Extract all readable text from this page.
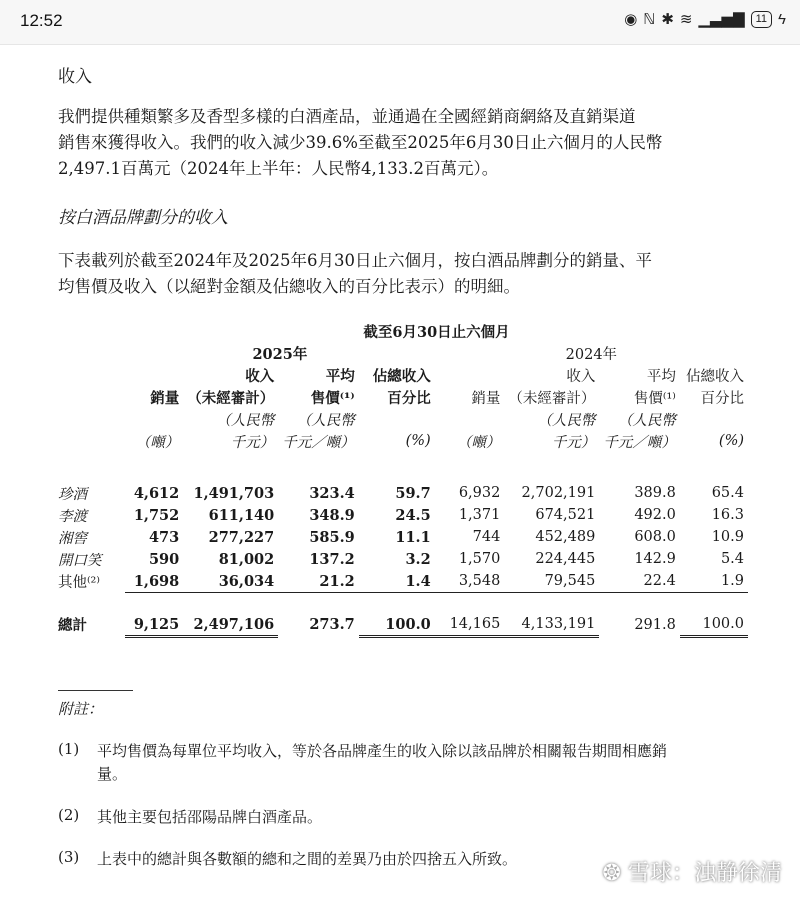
12:52	◉ ℕ ✱ ≋ ▁▃▅▇	11 ϟ
收入
我們提供種類繁多及香型多樣的白酒產品，並通過在全國經銷商網絡及直銷渠道
銷售來獲得收入。我們的收入減少39.6%至截至2025年6月30日止六個月的人民幣
2,497.1百萬元（2024年上半年：人民幣4,133.2百萬元）。
按白酒品牌劃分的收入
下表載列於截至2024年及2025年6月30日止六個月，按白酒品牌劃分的銷量、平
均售價及收入（以絕對金額及佔總收入的百分比表示）的明細。
	截至6月30日止六個月							
	2025年				2024年			
		收入	平均	佔總收入		收入	平均	佔總收入
	銷量	（未經審計）	售價⁽¹⁾	百分比	銷量	（未經審計）	售價⁽¹⁾	百分比
		（人民幣	（人民幣			（人民幣	（人民幣	
	（噸）	千元）	千元／噸）	(%)	（噸）	千元）	千元／噸）	(%)

珍酒	4,612	1,491,703	323.4	59.7	6,932	2,702,191	389.8	65.4
李渡	1,752	611,140	348.9	24.5	1,371	674,521	492.0	16.3
湘窖	473	277,227	585.9	11.1	744	452,489	608.0	10.9
開口笑	590	81,002	137.2	3.2	1,570	224,445	142.9	5.4
其他⁽²⁾	1,698	36,034	21.2	1.4	3,548	79,545	22.4	1.9

總計	9,125	2,497,106	273.7	100.0	14,165	4,133,191	291.8	100.0
附註：
(1) 平均售價為每單位平均收入，等於各品牌產生的收入除以該品牌於相關報告期間相應銷
量。
(2) 其他主要包括邵陽品牌白酒產品。
(3) 上表中的總計與各數額的總和之間的差異乃由於四捨五入所致。
❂ 雪球：浊静徐清
